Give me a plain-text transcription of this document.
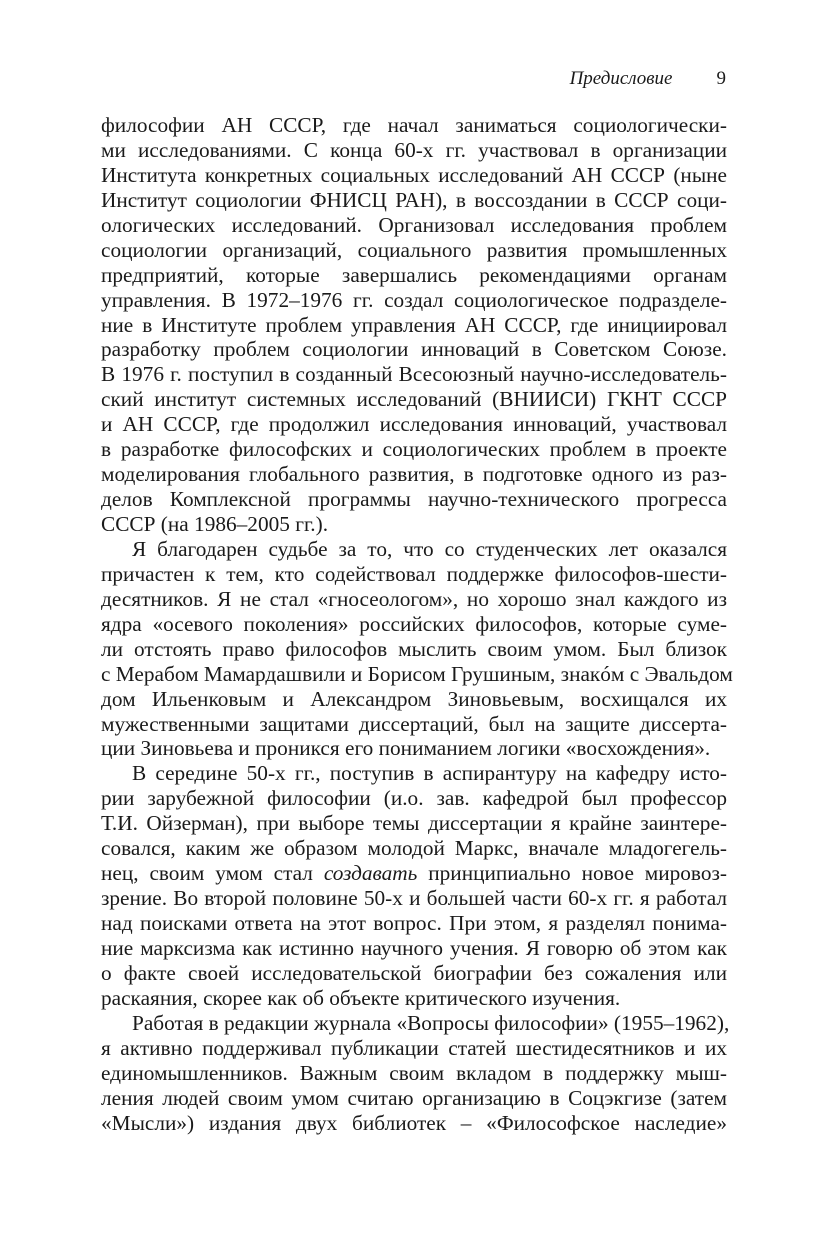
Предисловие 9
философии АН СССР, где начал заниматься социологически-
ми исследованиями. С конца 60-х гг. участвовал в организации
Института конкретных социальных исследований АН СССР (ныне
Институт социологии ФНИСЦ РАН), в воссоздании в СССР соци-
ологических исследований. Организовал исследования проблем
социологии организаций, социального развития промышленных
предприятий, которые завершались рекомендациями органам
управления. В 1972–1976 гг. создал социологическое подразделе-
ние в Институте проблем управления АН СССР, где инициировал
разработку проблем социологии инноваций в Советском Союзе.
В 1976 г. поступил в созданный Всесоюзный научно-исследователь-
ский институт системных исследований (ВНИИСИ) ГКНТ СССР
и АН СССР, где продолжил исследования инноваций, участвовал
в разработке философских и социологических проблем в проекте
моделирования глобального развития, в подготовке одного из раз-
делов Комплексной программы научно-технического прогресса
СССР (на 1986–2005 гг.).
Я благодарен судьбе за то, что со студенческих лет оказался
причастен к тем, кто содействовал поддержке философов-шести-
десятников. Я не стал «гносеологом», но хорошо знал каждого из
ядра «осевого поколения» российских философов, которые суме-
ли отстоять право философов мыслить своим умом. Был близок
с Мерабом Мамардашвили и Борисом Грушиным, знакóм с Эвальдом
дом Ильенковым и Александром Зиновьевым, восхищался их
мужественными защитами диссертаций, был на защите диссерта-
ции Зиновьева и проникся его пониманием логики «восхождения».
В середине 50-х гг., поступив в аспирантуру на кафедру исто-
рии зарубежной философии (и.о. зав. кафедрой был профессор
Т.И. Ойзерман), при выборе темы диссертации я крайне заинтере-
совался, каким же образом молодой Маркс, вначале младогегель-
нец, своим умом стал создавать принципиально новое мировоз-
зрение. Во второй половине 50-х и большей части 60-х гг. я работал
над поисками ответа на этот вопрос. При этом, я разделял понима-
ние марксизма как истинно научного учения. Я говорю об этом как
о факте своей исследовательской биографии без сожаления или
раскаяния, скорее как об объекте критического изучения.
Работая в редакции журнала «Вопросы философии» (1955–1962),
я активно поддерживал публикации статей шестидесятников и их
единомышленников. Важным своим вкладом в поддержку мыш-
ления людей своим умом считаю организацию в Соцэкгизе (затем
«Мысли») издания двух библиотек – «Философское наследие»
